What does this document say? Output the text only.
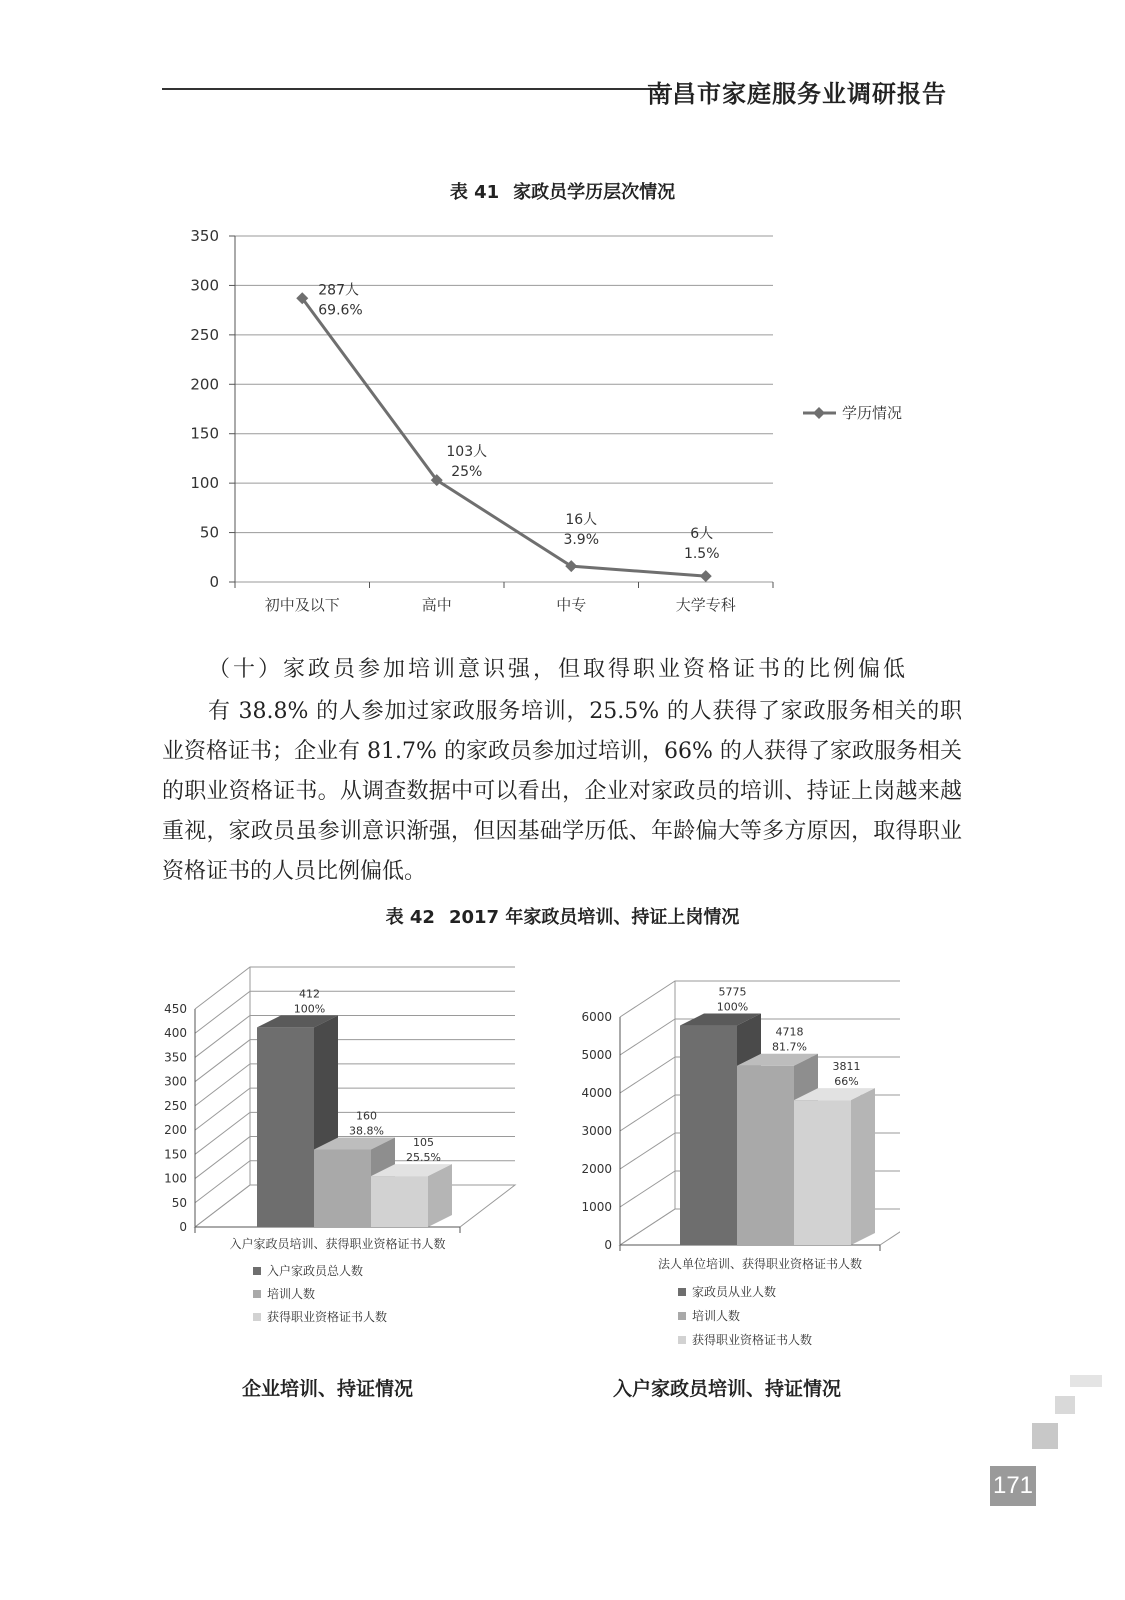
南昌市家庭服务业调研报告
表 41 家政员学历层次情况
0
50
100
150
200
250
300
350
初中及以下	高中	中专	大学专科
287人
69.6%
103人
25%
16人
3.9%	6人
1.5%
学历情况
（十）家政员参加培训意识强，但取得职业资格证书的比例偏低

有 38.8% 的人参加过家政服务培训，25.5% 的人获得了家政服务相关的职业资格证书；企业有 81.7% 的家政员参加过培训，66% 的人获得了家政服务相关的职业资格证书。从调查数据中可以看出，企业对家政员的培训、持证上岗越来越重视，家政员虽参训意识渐强，但因基础学历低、年龄偏大等多方原因，取得职业资格证书的人员比例偏低。

表 42 2017 年家政员培训、持证上岗情况
0
50
100
150
200
250
300
350
400
450
412
100%
入户家政员总人数
160
38.8%
培训人数
105
25.5%
获得职业资格证书人数
入户家政员培训、获得职业资格证书人数	0
1000
2000
3000
4000
5000
6000
5775
100%
家政员从业人数
4718
81.7%
培训人数
3811
66%
获得职业资格证书人数
法人单位培训、获得职业资格证书人数
企业培训、持证情况	入户家政员培训、持证情况
171
